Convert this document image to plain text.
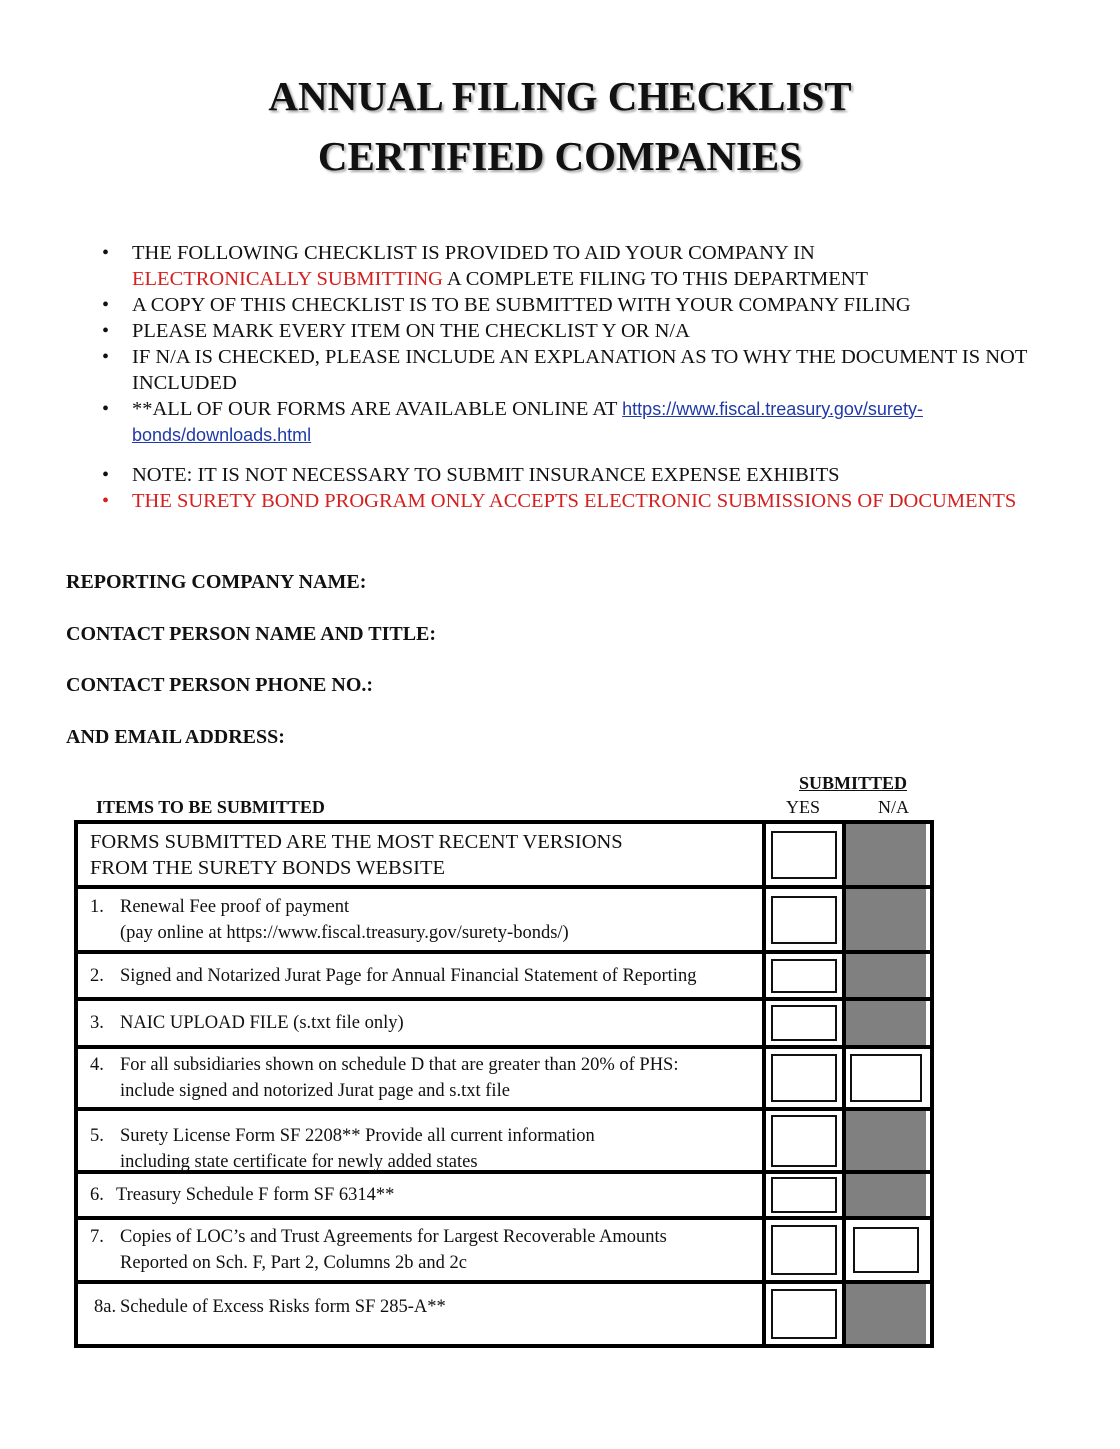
ANNUAL FILING CHECKLIST
CERTIFIED COMPANIES
• THE FOLLOWING CHECKLIST IS PROVIDED TO AID YOUR COMPANY IN
ELECTRONICALLY SUBMITTING A COMPLETE FILING TO THIS DEPARTMENT
• A COPY OF THIS CHECKLIST IS TO BE SUBMITTED WITH YOUR COMPANY FILING
• PLEASE MARK EVERY ITEM ON THE CHECKLIST Y OR N/A
• IF N/A IS CHECKED, PLEASE INCLUDE AN EXPLANATION AS TO WHY THE DOCUMENT IS NOT INCLUDED
• **ALL OF OUR FORMS ARE AVAILABLE ONLINE AT https://www.fiscal.treasury.gov/surety-bonds/downloads.html
• NOTE: IT IS NOT NECESSARY TO SUBMIT INSURANCE EXPENSE EXHIBITS
• THE SURETY BOND PROGRAM ONLY ACCEPTS ELECTRONIC SUBMISSIONS OF DOCUMENTS
REPORTING COMPANY NAME:
CONTACT PERSON NAME AND TITLE:
CONTACT PERSON PHONE NO.:
AND EMAIL ADDRESS:
SUBMITTED
ITEMS TO BE SUBMITTED	YES	N/A
FORMS SUBMITTED ARE THE MOST RECENT VERSIONS
FROM THE SURETY BONDS WEBSITE
1. Renewal Fee proof of payment
(pay online at https://www.fiscal.treasury.gov/surety-bonds/)
2. Signed and Notarized Jurat Page for Annual Financial Statement of Reporting
3. NAIC UPLOAD FILE (s.txt file only)
4. For all subsidiaries shown on schedule D that are greater than 20% of PHS:
include signed and notorized Jurat page and s.txt file
5. Surety License Form SF 2208** Provide all current information
including state certificate for newly added states
6. Treasury Schedule F form SF 6314**
7. Copies of LOC’s and Trust Agreements for Largest Recoverable Amounts
Reported on Sch. F, Part 2, Columns 2b and 2c
8a. Schedule of Excess Risks form SF 285-A**
